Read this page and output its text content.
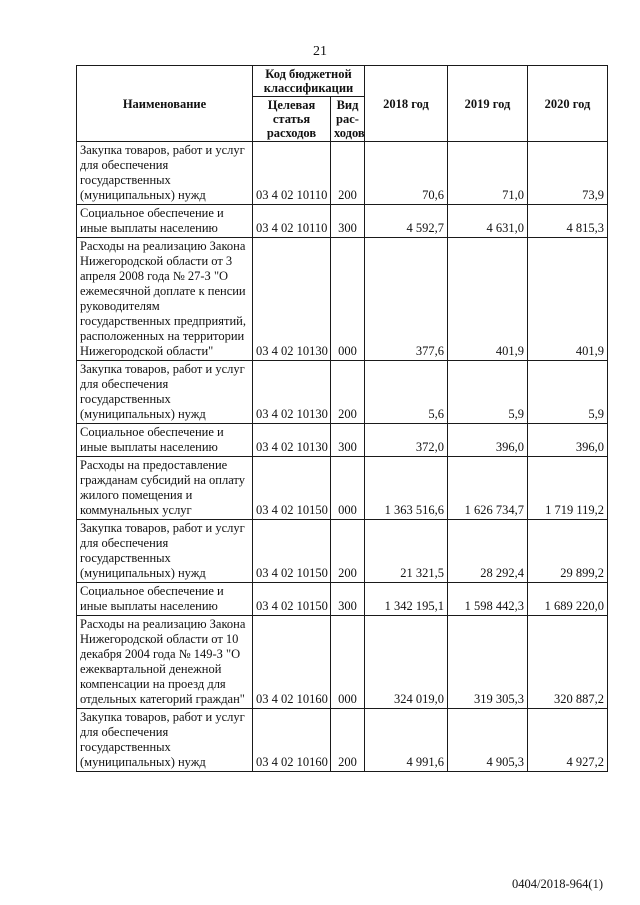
21
Наименование	Код бюджетной классификации		2018 год	2019 год	2020 год
	Целевая статья расходов	Вид рас-ходов			
Закупка товаров, работ и услуг для обеспечения государственных (муниципальных) нужд	03 4 02 10110	200	70,6	71,0	73,9
Социальное обеспечение и иные выплаты населению	03 4 02 10110	300	4 592,7	4 631,0	4 815,3
Расходы на реализацию Закона Нижегородской области от 3 апреля 2008 года № 27-З "О ежемесячной доплате к пенсии руководителям государственных предприятий, расположенных на территории Нижегородской области"	03 4 02 10130	000	377,6	401,9	401,9
Закупка товаров, работ и услуг для обеспечения государственных (муниципальных) нужд	03 4 02 10130	200	5,6	5,9	5,9
Социальное обеспечение и иные выплаты населению	03 4 02 10130	300	372,0	396,0	396,0
Расходы на предоставление гражданам субсидий на оплату жилого помещения и коммунальных услуг	03 4 02 10150	000	1 363 516,6	1 626 734,7	1 719 119,2
Закупка товаров, работ и услуг для обеспечения государственных (муниципальных) нужд	03 4 02 10150	200	21 321,5	28 292,4	29 899,2
Социальное обеспечение и иные выплаты населению	03 4 02 10150	300	1 342 195,1	1 598 442,3	1 689 220,0
Расходы на реализацию Закона Нижегородской области от 10 декабря 2004 года № 149-З "О ежеквартальной денежной компенсации на проезд для отдельных категорий граждан"	03 4 02 10160	000	324 019,0	319 305,3	320 887,2
Закупка товаров, работ и услуг для обеспечения государственных (муниципальных) нужд	03 4 02 10160	200	4 991,6	4 905,3	4 927,2
0404/2018-964(1)
